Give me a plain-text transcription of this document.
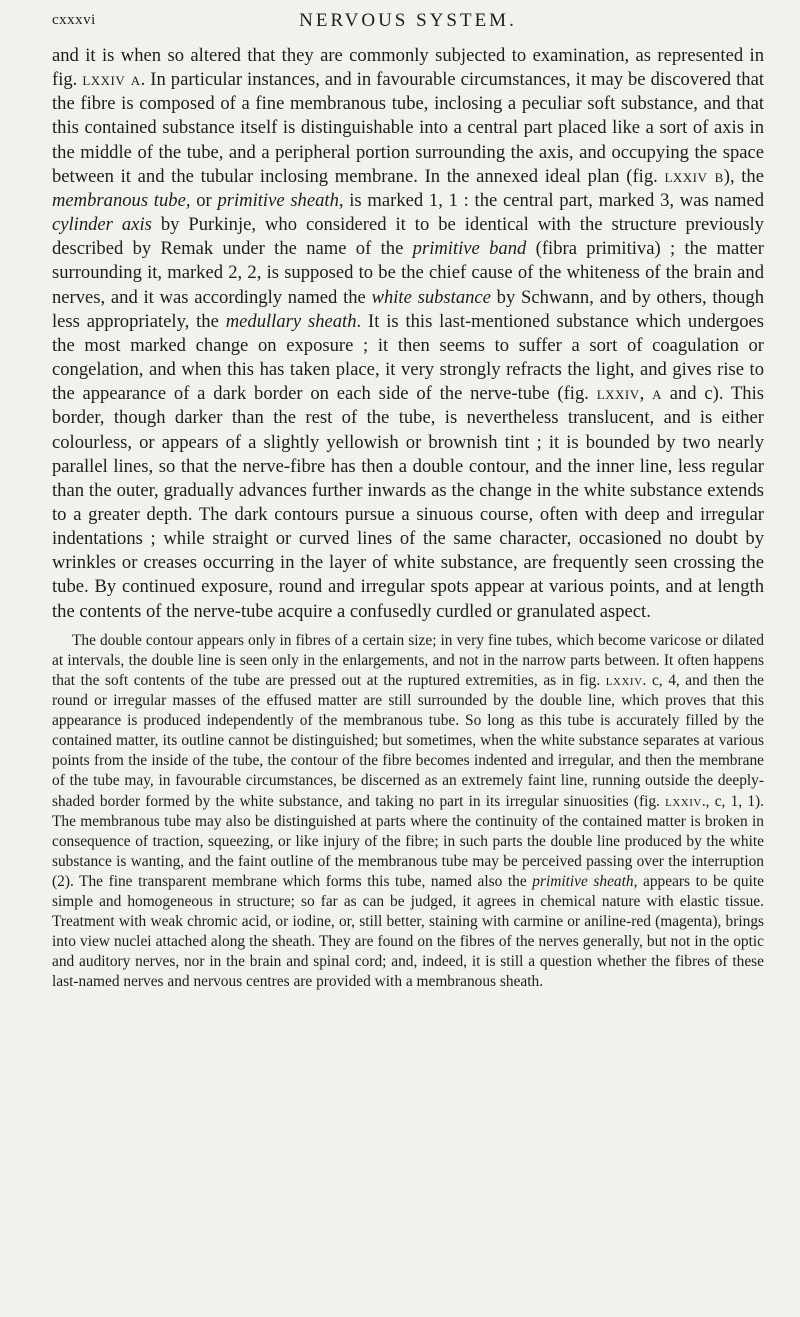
cxxxvi	NERVOUS SYSTEM.

and it is when so altered that they are commonly subjected to examination, as represented in fig. lxxiv a. In particular instances, and in favourable circumstances, it may be discovered that the fibre is composed of a fine membranous tube, inclosing a peculiar soft substance, and that this contained substance itself is distinguishable into a central part placed like a sort of axis in the middle of the tube, and a peripheral portion surrounding the axis, and occupying the space between it and the tubular inclosing membrane. In the annexed ideal plan (fig. lxxiv b), the membranous tube, or primitive sheath, is marked 1, 1 : the central part, marked 3, was named cylinder axis by Purkinje, who considered it to be identical with the structure previously described by Remak under the name of the primitive band (fibra primitiva) ; the matter surrounding it, marked 2, 2, is supposed to be the chief cause of the whiteness of the brain and nerves, and it was accordingly named the white substance by Schwann, and by others, though less appropriately, the medullary sheath. It is this last-mentioned substance which undergoes the most marked change on exposure ; it then seems to suffer a sort of coagulation or congelation, and when this has taken place, it very strongly refracts the light, and gives rise to the appearance of a dark border on each side of the nerve-tube (fig. lxxiv, a and c). This border, though darker than the rest of the tube, is nevertheless translucent, and is either colourless, or appears of a slightly yellowish or brownish tint ; it is bounded by two nearly parallel lines, so that the nerve-fibre has then a double contour, and the inner line, less regular than the outer, gradually advances further inwards as the change in the white substance extends to a greater depth. The dark contours pursue a sinuous course, often with deep and irregular indentations ; while straight or curved lines of the same character, occasioned no doubt by wrinkles or creases occurring in the layer of white substance, are frequently seen crossing the tube. By continued exposure, round and irregular spots appear at various points, and at length the contents of the nerve-tube acquire a confusedly curdled or granulated aspect.

The double contour appears only in fibres of a certain size; in very fine tubes, which become varicose or dilated at intervals, the double line is seen only in the enlargements, and not in the narrow parts between. It often happens that the soft contents of the tube are pressed out at the ruptured extremities, as in fig. lxxiv. c, 4, and then the round or irregular masses of the effused matter are still surrounded by the double line, which proves that this appearance is produced independently of the membranous tube. So long as this tube is accurately filled by the contained matter, its outline cannot be distinguished; but sometimes, when the white substance separates at various points from the inside of the tube, the contour of the fibre becomes indented and irregular, and then the membrane of the tube may, in favourable circumstances, be discerned as an extremely faint line, running outside the deeply-shaded border formed by the white substance, and taking no part in its irregular sinuosities (fig. lxxiv., c, 1, 1). The membranous tube may also be distinguished at parts where the continuity of the contained matter is broken in consequence of traction, squeezing, or like injury of the fibre; in such parts the double line produced by the white substance is wanting, and the faint outline of the membranous tube may be perceived passing over the interruption (2). The fine transparent membrane which forms this tube, named also the primitive sheath, appears to be quite simple and homogeneous in structure; so far as can be judged, it agrees in chemical nature with elastic tissue. Treatment with weak chromic acid, or iodine, or, still better, staining with carmine or aniline-red (magenta), brings into view nuclei attached along the sheath. They are found on the fibres of the nerves generally, but not in the optic and auditory nerves, nor in the brain and spinal cord; and, indeed, it is still a question whether the fibres of these last-named nerves and nervous centres are provided with a membranous sheath.
